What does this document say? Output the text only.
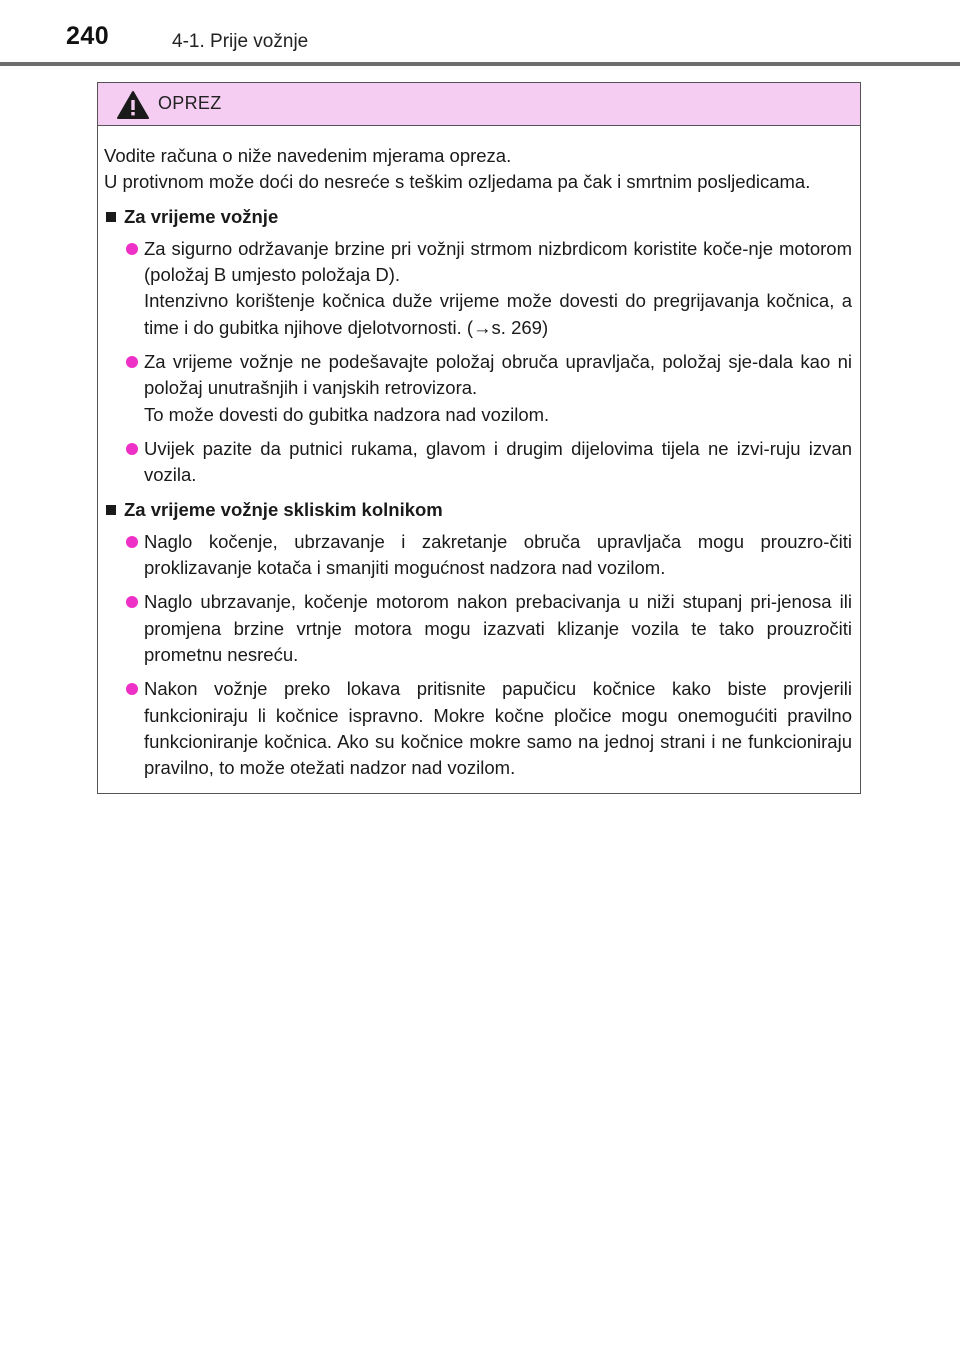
240	4-1. Prije vožnje
OPREZ
Vodite računa o niže navedenim mjerama opreza.
U protivnom može doći do nesreće s teškim ozljedama pa čak i smrtnim posljedicama.
Za vrijeme vožnje
Za sigurno održavanje brzine pri vožnji strmom nizbrdicom koristite koče-nje motorom (položaj B umjesto položaja D).
Intenzivno korištenje kočnica duže vrijeme može dovesti do pregrijavanja kočnica, a time i do gubitka njihove djelotvornosti. (→s. 269)
Za vrijeme vožnje ne podešavajte položaj obruča upravljača, položaj sje-dala kao ni položaj unutrašnjih i vanjskih retrovizora.
To može dovesti do gubitka nadzora nad vozilom.
Uvijek pazite da putnici rukama, glavom i drugim dijelovima tijela ne izvi-ruju izvan vozila.
Za vrijeme vožnje skliskim kolnikom
Naglo kočenje, ubrzavanje i zakretanje obruča upravljača mogu prouzro-čiti proklizavanje kotača i smanjiti mogućnost nadzora nad vozilom.
Naglo ubrzavanje, kočenje motorom nakon prebacivanja u niži stupanj pri-jenosa ili promjena brzine vrtnje motora mogu izazvati klizanje vozila te tako prouzročiti prometnu nesreću.
Nakon vožnje preko lokava pritisnite papučicu kočnice kako biste provjerili funkcioniraju li kočnice ispravno. Mokre kočne pločice mogu onemogućiti pravilno funkcioniranje kočnica. Ako su kočnice mokre samo na jednoj strani i ne funkcioniraju pravilno, to može otežati nadzor nad vozilom.
